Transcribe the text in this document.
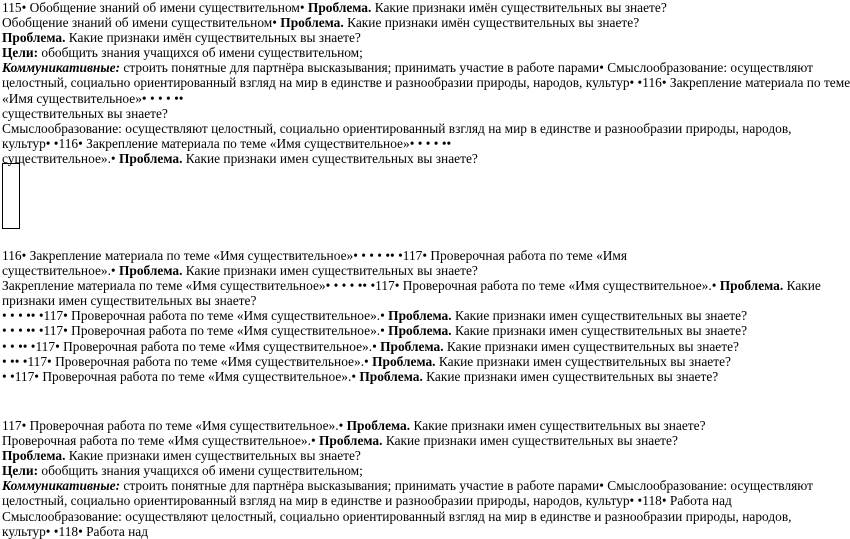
115• Обобщение знаний об имени существительном• Проблема. Какие признаки имён существительных вы знаете?
Обобщение знаний об имени существительном• Проблема. Какие признаки имён существительных вы знаете?
Проблема. Какие признаки имён существительных вы знаете?
Цели: обобщить знания учащихся об имени существительном;
Коммуникативные: строить понятные для партнёра высказывания; принимать участие в работе парами• Смыслообразование: осуществляют
целостный, социально ориентированный взгляд на мир в единстве и разнообразии природы, народов, культур• •116• Закрепление материала по теме
«Имя существительное»• • • • ••
существительных вы знаете?
Смыслообразование: осуществляют целостный, социально ориентированный взгляд на мир в единстве и разнообразии природы, народов,
культур• •116• Закрепление материала по теме «Имя существительное»• • • • ••
существительное».• Проблема. Какие признаки имен существительных вы знаете?
116• Закрепление материала по теме «Имя существительное»• • • • •• •117• Проверочная работа по теме «Имя
существительное».• Проблема. Какие признаки имен существительных вы знаете?
Закрепление материала по теме «Имя существительное»• • • • •• •117• Проверочная работа по теме «Имя существительное».• Проблема. Какие
признаки имен существительных вы знаете?
• • • •• •117• Проверочная работа по теме «Имя существительное».• Проблема. Какие признаки имен существительных вы знаете?
• • • •• •117• Проверочная работа по теме «Имя существительное».• Проблема. Какие признаки имен существительных вы знаете?
• • •• •117• Проверочная работа по теме «Имя существительное».• Проблема. Какие признаки имен существительных вы знаете?
• •• •117• Проверочная работа по теме «Имя существительное».• Проблема. Какие признаки имен существительных вы знаете?
• •117• Проверочная работа по теме «Имя существительное».• Проблема. Какие признаки имен существительных вы знаете?
117• Проверочная работа по теме «Имя существительное».• Проблема. Какие признаки имен существительных вы знаете?
Проверочная работа по теме «Имя существительное».• Проблема. Какие признаки имен существительных вы знаете?
Проблема. Какие признаки имен существительных вы знаете?
Цели: обобщить знания учащихся об имени существительном;
Коммуникативные: строить понятные для партнёра высказывания; принимать участие в работе парами• Смыслообразование: осуществляют
целостный, социально ориентированный взгляд на мир в единстве и разнообразии природы, народов, культур• •118• Работа над
Смыслообразование: осуществляют целостный, социально ориентированный взгляд на мир в единстве и разнообразии природы, народов,
культур• •118• Работа над
